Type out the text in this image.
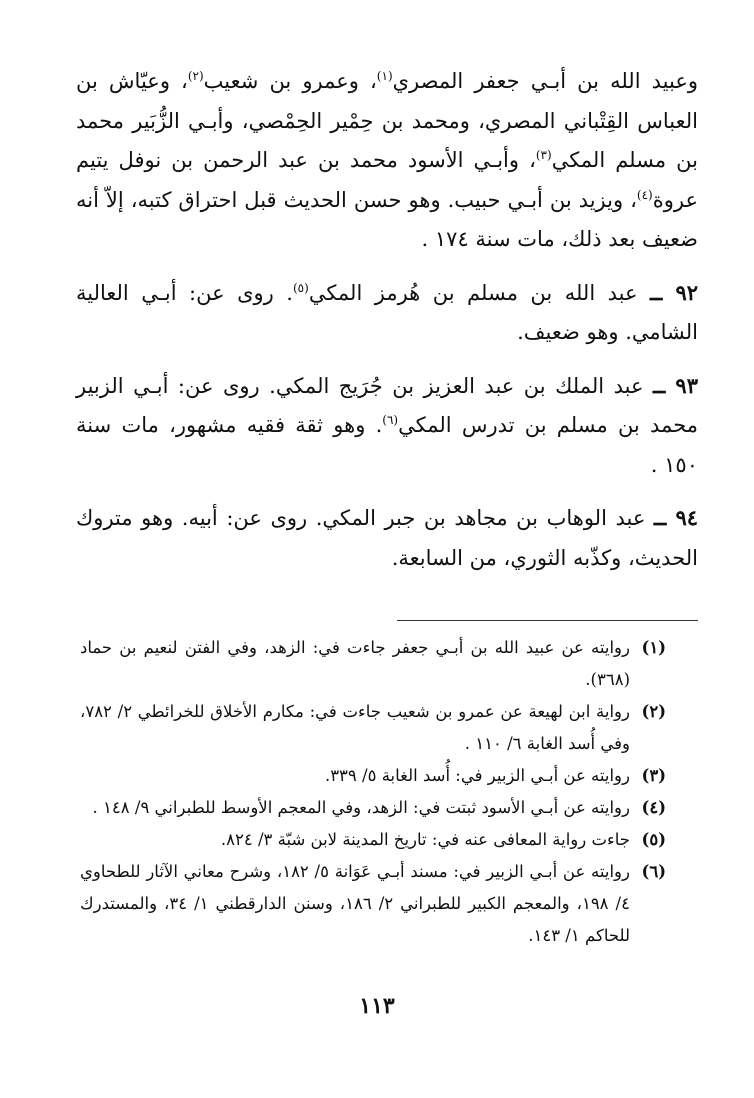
وعبيد الله بن أبـي جعفر المصري$^{(١)}$، وعمرو بن شعيب$^{(٢)}$، وعيّاش بن العباس القِتْباني المصري، ومحمد بن حِمْير الحِمْصي، وأبـي الزُّبَير محمد بن مسلم المكي$^{(٣)}$، وأبـي الأسود محمد بن عبد الرحمن بن نوفل يتيم عروة$^{(٤)}$، ويزيد بن أبـي حبيب. وهو حسن الحديث قبل احتراق كتبه، إلاّ أنه ضعيف بعد ذلك، مات سنة ١٧٤ .

٩٢ ــ عبد الله بن مسلم بن هُرمز المكي$^{(٥)}$. روى عن: أبـي العالية الشامي. وهو ضعيف.

٩٣ ــ عبد الملك بن عبد العزيز بن جُرَيج المكي. روى عن: أبـي الزبير محمد بن مسلم بن تدرس المكي$^{(٦)}$. وهو ثقة فقيه مشهور، مات سنة ١٥٠ .

٩٤ ــ عبد الوهاب بن مجاهد بن جبر المكي. روى عن: أبيه. وهو متروك الحديث، وكذّبه الثوري، من السابعة.

(١)
روايته عن عبيد الله بن أبـي جعفر جاءت في: الزهد، وفي الفتن لنعيم بن حماد (٣٦٨).
(٢)
رواية ابن لهيعة عن عمرو بن شعيب جاءت في: مكارم الأخلاق للخرائطي ٢/ ٧٨٢، وفي أُسد الغابة ٦/ ١١٠ .
(٣)
روايته عن أبـي الزبير في: أُسد الغابة ٥/ ٣٣٩.
(٤)
روايته عن أبـي الأسود ثبتت في: الزهد، وفي المعجم الأوسط للطبراني ٩/ ١٤٨ .
(٥)
جاءت رواية المعافى عنه في: تاريخ المدينة لابن شبّة ٣/ ٨٢٤.
(٦)
روايته عن أبـي الزبير في: مسند أبـي عَوَانة ٥/ ١٨٢، وشرح معاني الآثار للطحاوي ٤/ ١٩٨، والمعجم الكبير للطبراني ٢/ ١٨٦، وسنن الدارقطني ١/ ٣٤، والمستدرك للحاكم ١/ ١٤٣.
١١٣
